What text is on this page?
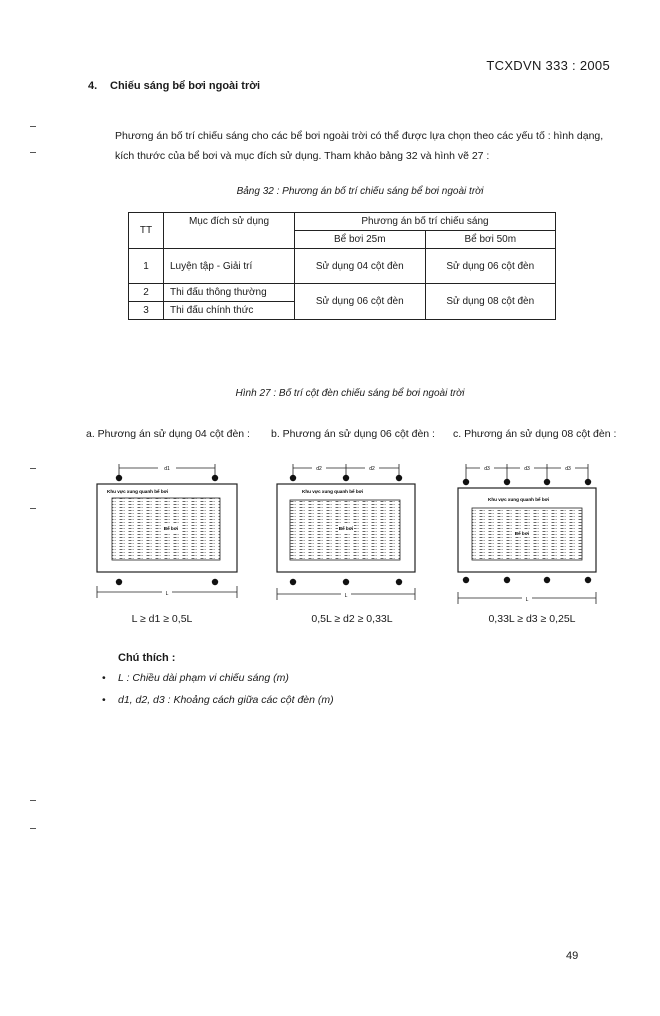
TCXDVN 333 : 2005
4. Chiếu sáng bể bơi ngoài trời
Phương án bố trí chiếu sáng cho các bể bơi ngoài trời có thể được lựa chọn theo các yếu tố : hình dạng,
kích thước của bể bơi và mục đích sử dụng. Tham khảo bảng 32 và hình vẽ 27 :
Bảng 32 : Phương án bố trí chiếu sáng bể bơi ngoài trời
TT	Mục đích sử dụng	Phương án bố trí chiếu sáng	
		Bể bơi 25m	Bể bơi 50m
1	Luyện tập - Giải trí	Sử dụng 04 cột đèn	Sử dụng 06 cột đèn
2	Thi đấu thông thường	Sử dụng 06 cột đèn	Sử dụng 08 cột đèn
3	Thi đấu chính thức		
Hình 27 : Bố trí cột đèn chiếu sáng bể bơi ngoài trời
a. Phương án sử dụng 04 cột đèn : b. Phương án sử dụng 06 cột đèn : c. Phương án sử dụng 08 cột đèn :
d1
Khu vực xung quanh bể bơi
Bể bơi
L
d2	d2
Khu vực xung quanh bể bơi
Bể bơi
L
d3	d3	d3
Khu vực xung quanh bể bơi
Bể bơi
L
L ≥ d1 ≥ 0,5L	0,5L ≥ d2 ≥ 0,33L	0,33L ≥ d3 ≥ 0,25L
Chú thích :
• L : Chiều dài phạm vi chiếu sáng (m)
• d1, d2, d3 : Khoảng cách giữa các cột đèn (m)
49
